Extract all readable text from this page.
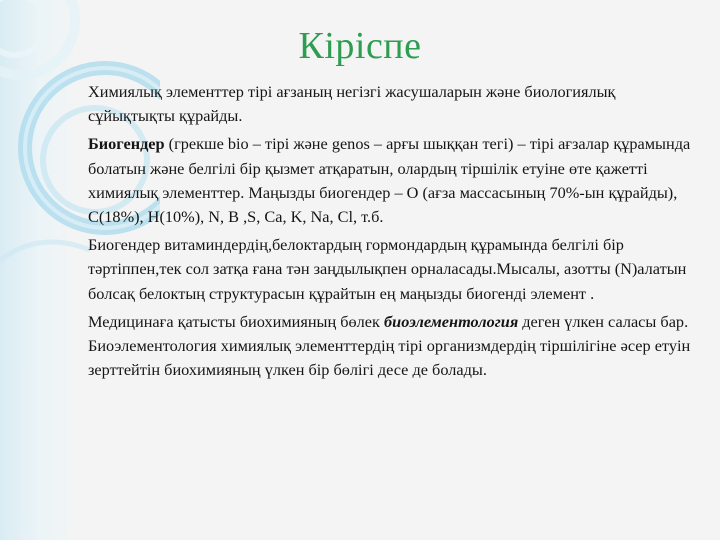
Кіріспе

Химиялық элементтер тірі ағзаның негізгі жасушаларын және биологиялық сұйықтықты құрайды.

Биогендер (грекше bio – тірі және genos – арғы шыққан тегі) – тірі ағзалар құрамында болатын және белгілі бір қызмет атқаратын, олардың тіршілік етуіне өте қажетті химиялық элементтер. Маңызды биогендер – О (ағза массасының 70%-ын құрайды), С(18%), Н(10%), N, B ,S, Ca, K, Na, Cl, т.б.

Биогендер витаминдердің,белоктардың гормондардың құрамында белгілі бір тәртіппен,тек сол затқа ғана тән заңдылықпен орналасады.Мысалы, азотты (N)алатын болсақ белоктың структурасын құрайтын ең маңызды биогенді элемент .

Медицинаға қатысты биохимияның бөлек биоэлементология деген үлкен саласы бар. Биоэлементология химиялық элементтердің тірі организмдердің тіршілігіне әсер етуін зерттейтін биохимияның үлкен бір бөлігі десе де болады.
